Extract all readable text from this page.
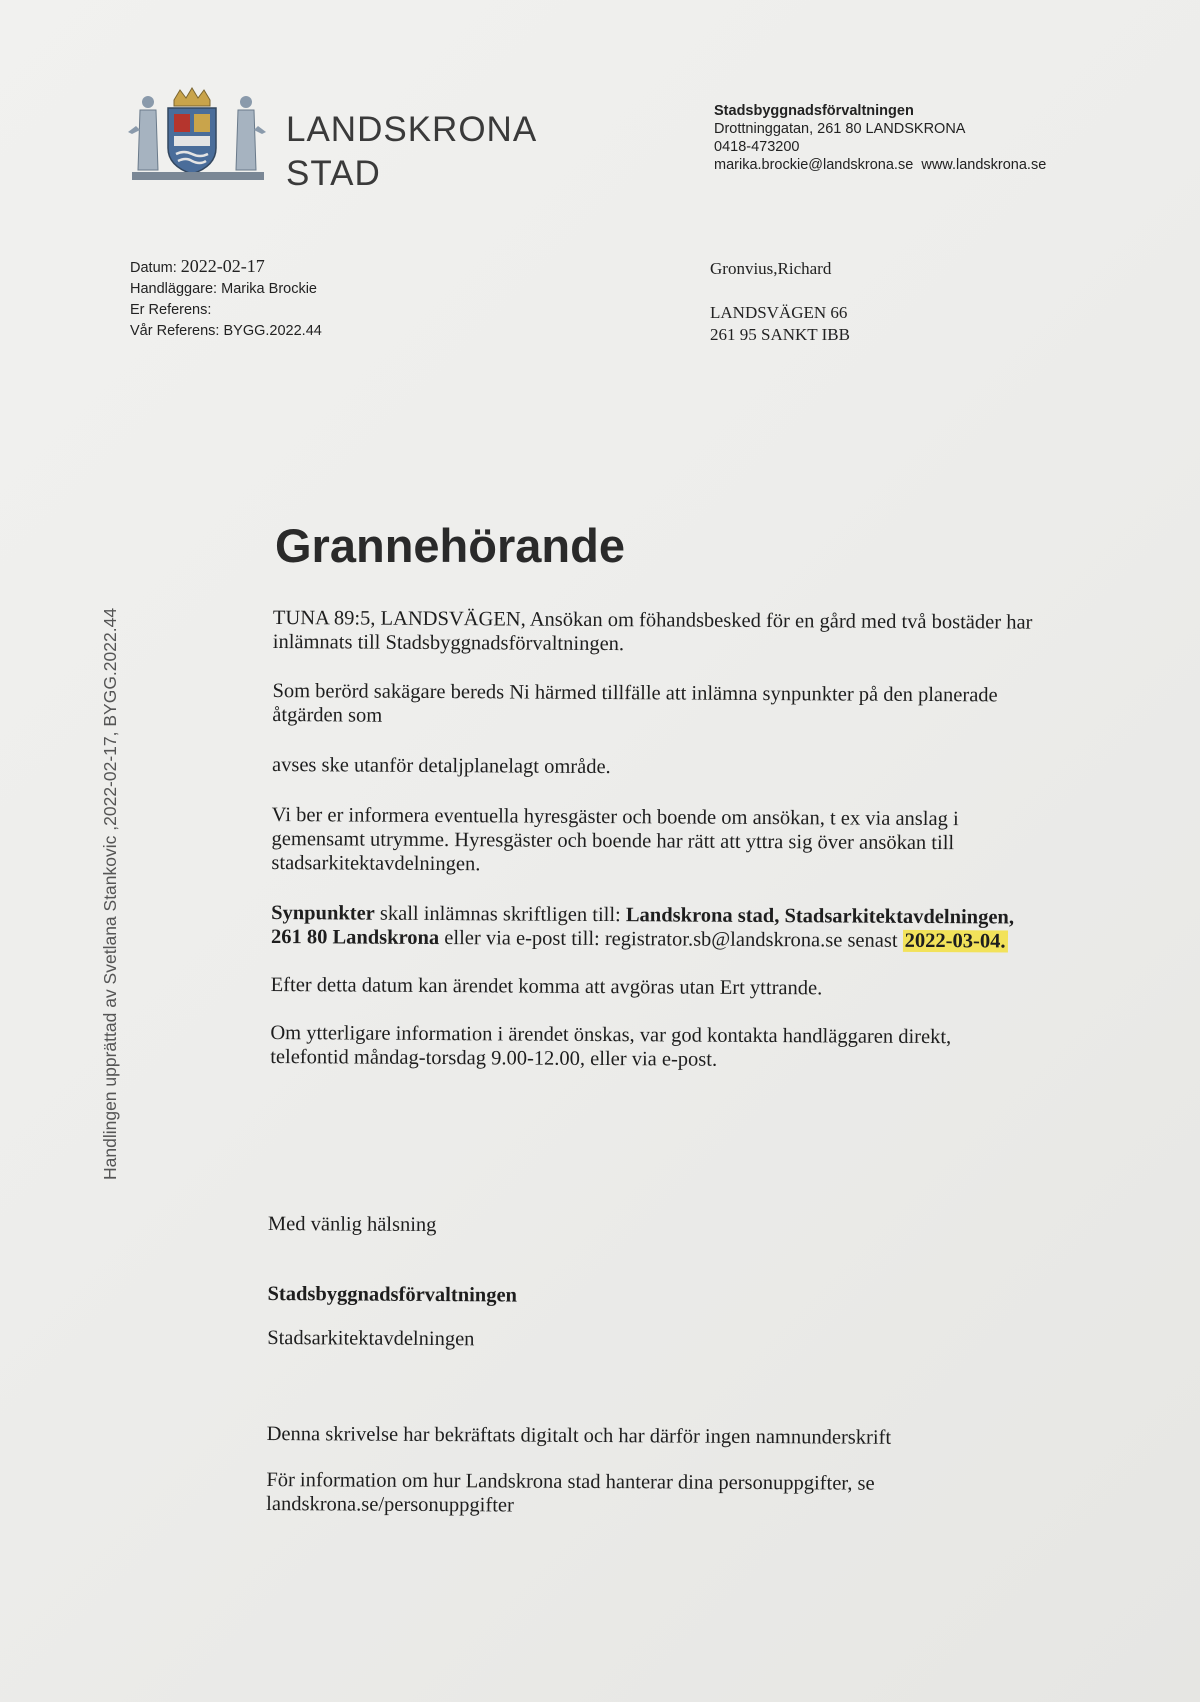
LANDSKRONA
STAD
Stadsbyggnadsförvaltningen
Drottninggatan, 261 80 LANDSKRONA
0418-473200
marika.brockie@landskrona.se www.landskrona.se
Datum: 2022-02-17
Handläggare: Marika Brockie
Er Referens:
Vår Referens: BYGG.2022.44
Gronvius,Richard
LANDSVÄGEN 66
261 95 SANKT IBB
Handlingen upprättad av Svetlana Stankovic ,2022-02-17, BYGG.2022.44
Grannehörande

TUNA 89:5, LANDSVÄGEN, Ansökan om föhandsbesked för en gård med två bostäder har inlämnats till Stadsbyggnadsförvaltningen.

Som berörd sakägare bereds Ni härmed tillfälle att inlämna synpunkter på den planerade åtgärden som

avses ske utanför detaljplanelagt område.

Vi ber er informera eventuella hyresgäster och boende om ansökan, t ex via anslag i gemensamt utrymme. Hyresgäster och boende har rätt att yttra sig över ansökan till stadsarkitektavdelningen.

Synpunkter skall inlämnas skriftligen till: Landskrona stad, Stadsarkitektavdelningen, 261 80 Landskrona eller via e-post till: registrator.sb@landskrona.se senast 2022-03-04.

Efter detta datum kan ärendet komma att avgöras utan Ert yttrande.

Om ytterligare information i ärendet önskas, var god kontakta handläggaren direkt, telefontid måndag-torsdag 9.00-12.00, eller via e-post.

Med vänlig hälsning

Stadsbyggnadsförvaltningen

Stadsarkitektavdelningen

Denna skrivelse har bekräftats digitalt och har därför ingen namnunderskrift

För information om hur Landskrona stad hanterar dina personuppgifter, se landskrona.se/personuppgifter
